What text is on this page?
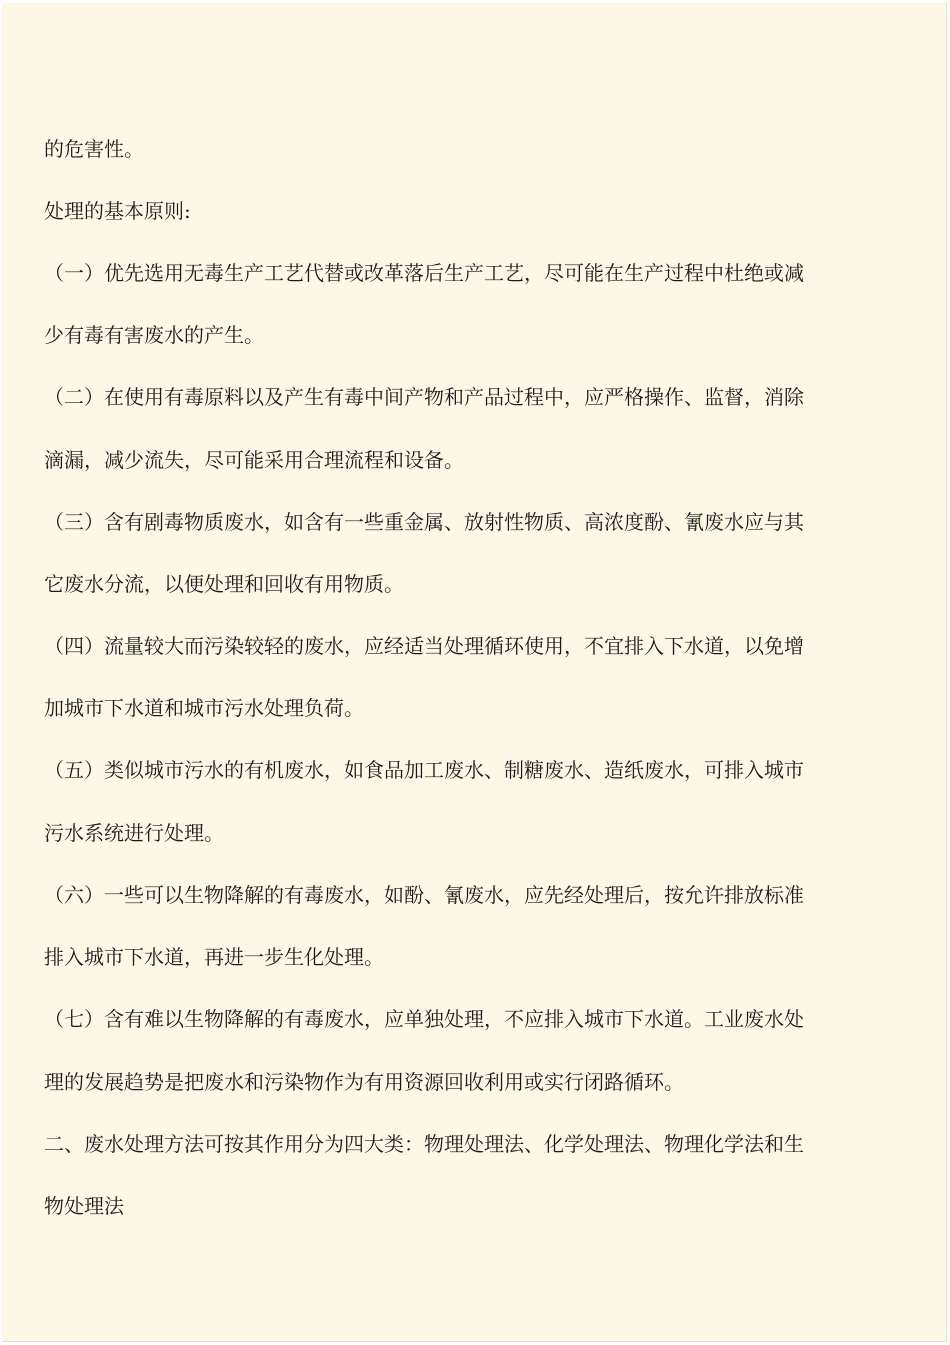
的危害性。
处理的基本原则:
（一）优先选用无毒生产工艺代替或改革落后生产工艺，尽可能在生产过程中杜绝或减
少有毒有害废水的产生。
（二）在使用有毒原料以及产生有毒中间产物和产品过程中，应严格操作、监督，消除
滴漏，减少流失，尽可能采用合理流程和设备。
（三）含有剧毒物质废水，如含有一些重金属、放射性物质、高浓度酚、氰废水应与其
它废水分流，以便处理和回收有用物质。
（四）流量较大而污染较轻的废水，应经适当处理循环使用，不宜排入下水道，以免增
加城市下水道和城市污水处理负荷。
（五）类似城市污水的有机废水，如食品加工废水、制糖废水、造纸废水，可排入城市
污水系统进行处理。
（六）一些可以生物降解的有毒废水，如酚、氰废水，应先经处理后，按允许排放标准
排入城市下水道，再进一步生化处理。
（七）含有难以生物降解的有毒废水，应单独处理，不应排入城市下水道。工业废水处
理的发展趋势是把废水和污染物作为有用资源回收利用或实行闭路循环。
二、废水处理方法可按其作用分为四大类：物理处理法、化学处理法、物理化学法和生
物处理法
